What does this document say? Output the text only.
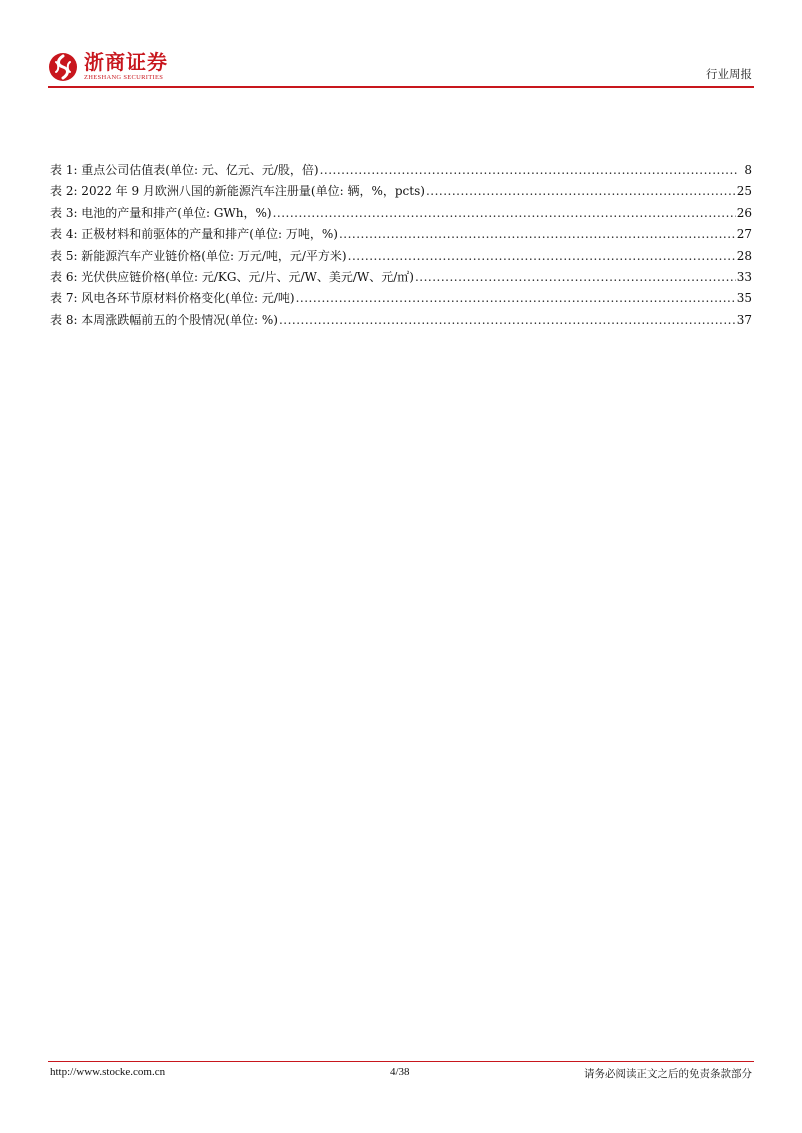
浙商证券
ZHESHANG SECURITIES	行业周报
表 1: 重点公司估值表(单位: 元、亿元、元/股，倍) .....	8
表 2: 2022 年 9 月欧洲八国的新能源汽车注册量(单位: 辆，%，pcts) .....	25
表 3: 电池的产量和排产(单位: GWh，%) .....	26
表 4: 正极材料和前驱体的产量和排产(单位: 万吨，%) .....	27
表 5: 新能源汽车产业链价格(单位: 万元/吨，元/平方米) .....	28
表 6: 光伏供应链价格(单位: 元/KG、元/片、元/W、美元/W、元/㎡) .....	33
表 7: 风电各环节原材料价格变化(单位: 元/吨) .....	35
表 8: 本周涨跌幅前五的个股情况(单位: %) .....	37
http://www.stocke.com.cn	4/38	请务必阅读正文之后的免责条款部分
